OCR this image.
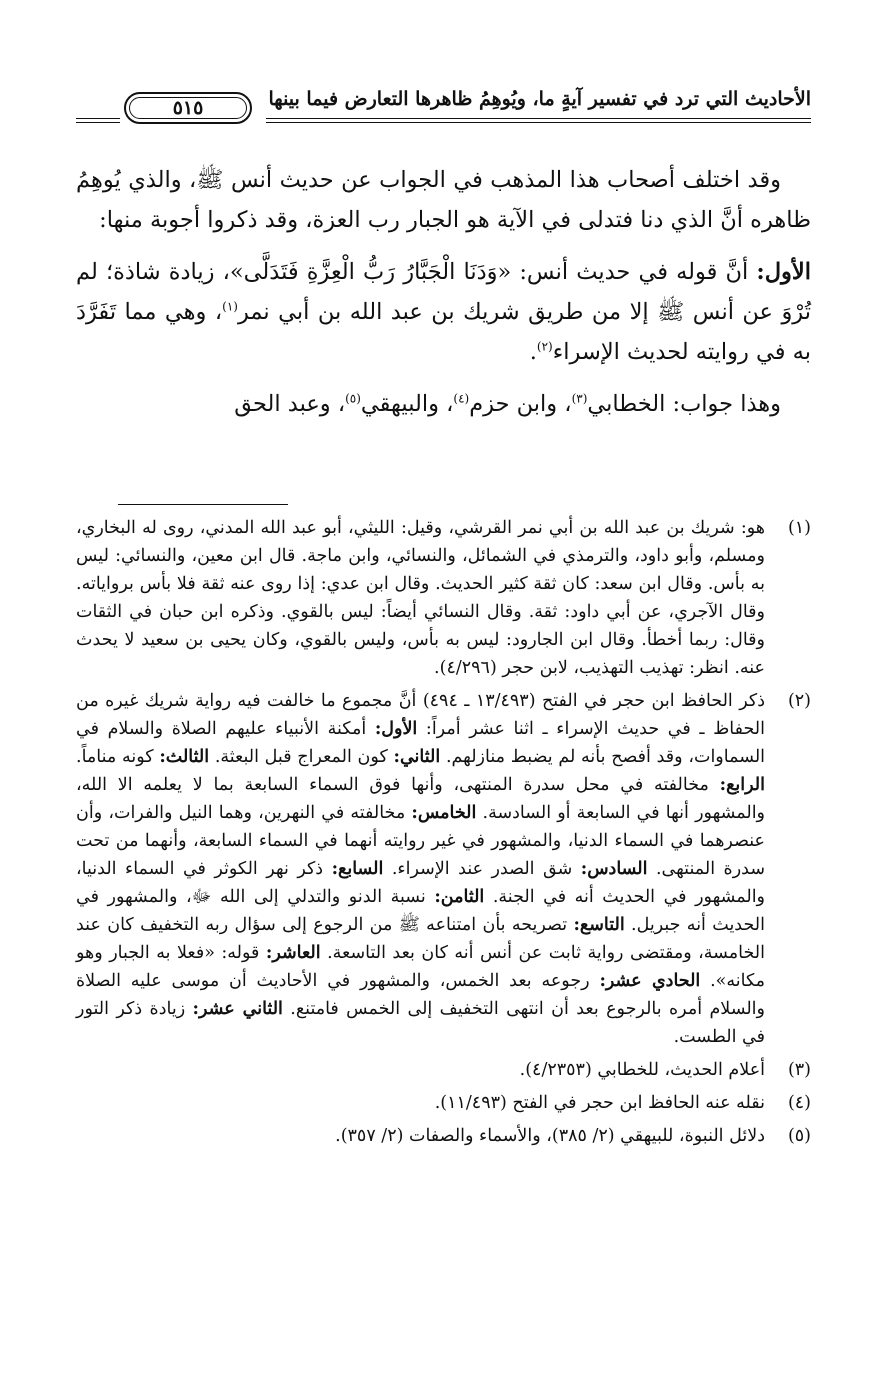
الأحاديث التي ترد في تفسير آيةٍ ما، ويُوهِمُ ظاهرها التعارض فيما بينها
٥١٥

وقد اختلف أصحاب هذا المذهب في الجواب عن حديث أنس ﷺ، والذي يُوهِمُ ظاهره أنَّ الذي دنا فتدلى في الآية هو الجبار رب العزة، وقد ذكروا أجوبة منها:

الأول: أنَّ قوله في حديث أنس: «وَدَنَا الْجَبَّارُ رَبُّ الْعِزَّةِ فَتَدَلَّى»، زيادة شاذة؛ لم تُرْوَ عن أنس ﷺ إلا من طريق شريك بن عبد الله بن أبي نمر$^{(١)}$، وهي مما تَفَرَّدَ به في روايته لحديث الإسراء$^{(٢)}$.

وهذا جواب: الخطابي$^{(٣)}$، وابن حزم$^{(٤)}$، والبيهقي$^{(٥)}$، وعبد الحق

(١)
هو: شريك بن عبد الله بن أبي نمر القرشي، وقيل: الليثي، أبو عبد الله المدني، روى له البخاري، ومسلم، وأبو داود، والترمذي في الشمائل، والنسائي، وابن ماجة. قال ابن معين، والنسائي: ليس به بأس. وقال ابن سعد: كان ثقة كثير الحديث. وقال ابن عدي: إذا روى عنه ثقة فلا بأس برواياته. وقال الآجري، عن أبي داود: ثقة. وقال النسائي أيضاً: ليس بالقوي. وذكره ابن حبان في الثقات وقال: ربما أخطأ. وقال ابن الجارود: ليس به بأس، وليس بالقوي، وكان يحيى بن سعيد لا يحدث عنه. انظر: تهذيب التهذيب، لابن حجر (٤/٢٩٦).
(٢)
ذكر الحافظ ابن حجر في الفتح (١٣/٤٩٣ ـ ٤٩٤) أنَّ مجموع ما خالفت فيه رواية شريك غيره من الحفاظ ـ في حديث الإسراء ـ اثنا عشر أمراً: الأول: أمكنة الأنبياء عليهم الصلاة والسلام في السماوات، وقد أفصح بأنه لم يضبط منازلهم. الثاني: كون المعراج قبل البعثة. الثالث: كونه مناماً. الرابع: مخالفته في محل سدرة المنتهى، وأنها فوق السماء السابعة بما لا يعلمه الا الله، والمشهور أنها في السابعة أو السادسة. الخامس: مخالفته في النهرين، وهما النيل والفرات، وأن عنصرهما في السماء الدنيا، والمشهور في غير روايته أنهما في السماء السابعة، وأنهما من تحت سدرة المنتهى. السادس: شق الصدر عند الإسراء. السابع: ذكر نهر الكوثر في السماء الدنيا، والمشهور في الحديث أنه في الجنة. الثامن: نسبة الدنو والتدلي إلى الله ﷻ، والمشهور في الحديث أنه جبريل. التاسع: تصريحه بأن امتناعه ﷺ من الرجوع إلى سؤال ربه التخفيف كان عند الخامسة، ومقتضى رواية ثابت عن أنس أنه كان بعد التاسعة. العاشر: قوله: «فعلا به الجبار وهو مكانه». الحادي عشر: رجوعه بعد الخمس، والمشهور في الأحاديث أن موسى عليه الصلاة والسلام أمره بالرجوع بعد أن انتهى التخفيف إلى الخمس فامتنع. الثاني عشر: زيادة ذكر التور في الطست.
(٣)
أعلام الحديث، للخطابي (٤/٢٣٥٣).
(٤)
نقله عنه الحافظ ابن حجر في الفتح (١١/٤٩٣).
(٥)
دلائل النبوة، للبيهقي (٢/ ٣٨٥)، والأسماء والصفات (٢/ ٣٥٧).
